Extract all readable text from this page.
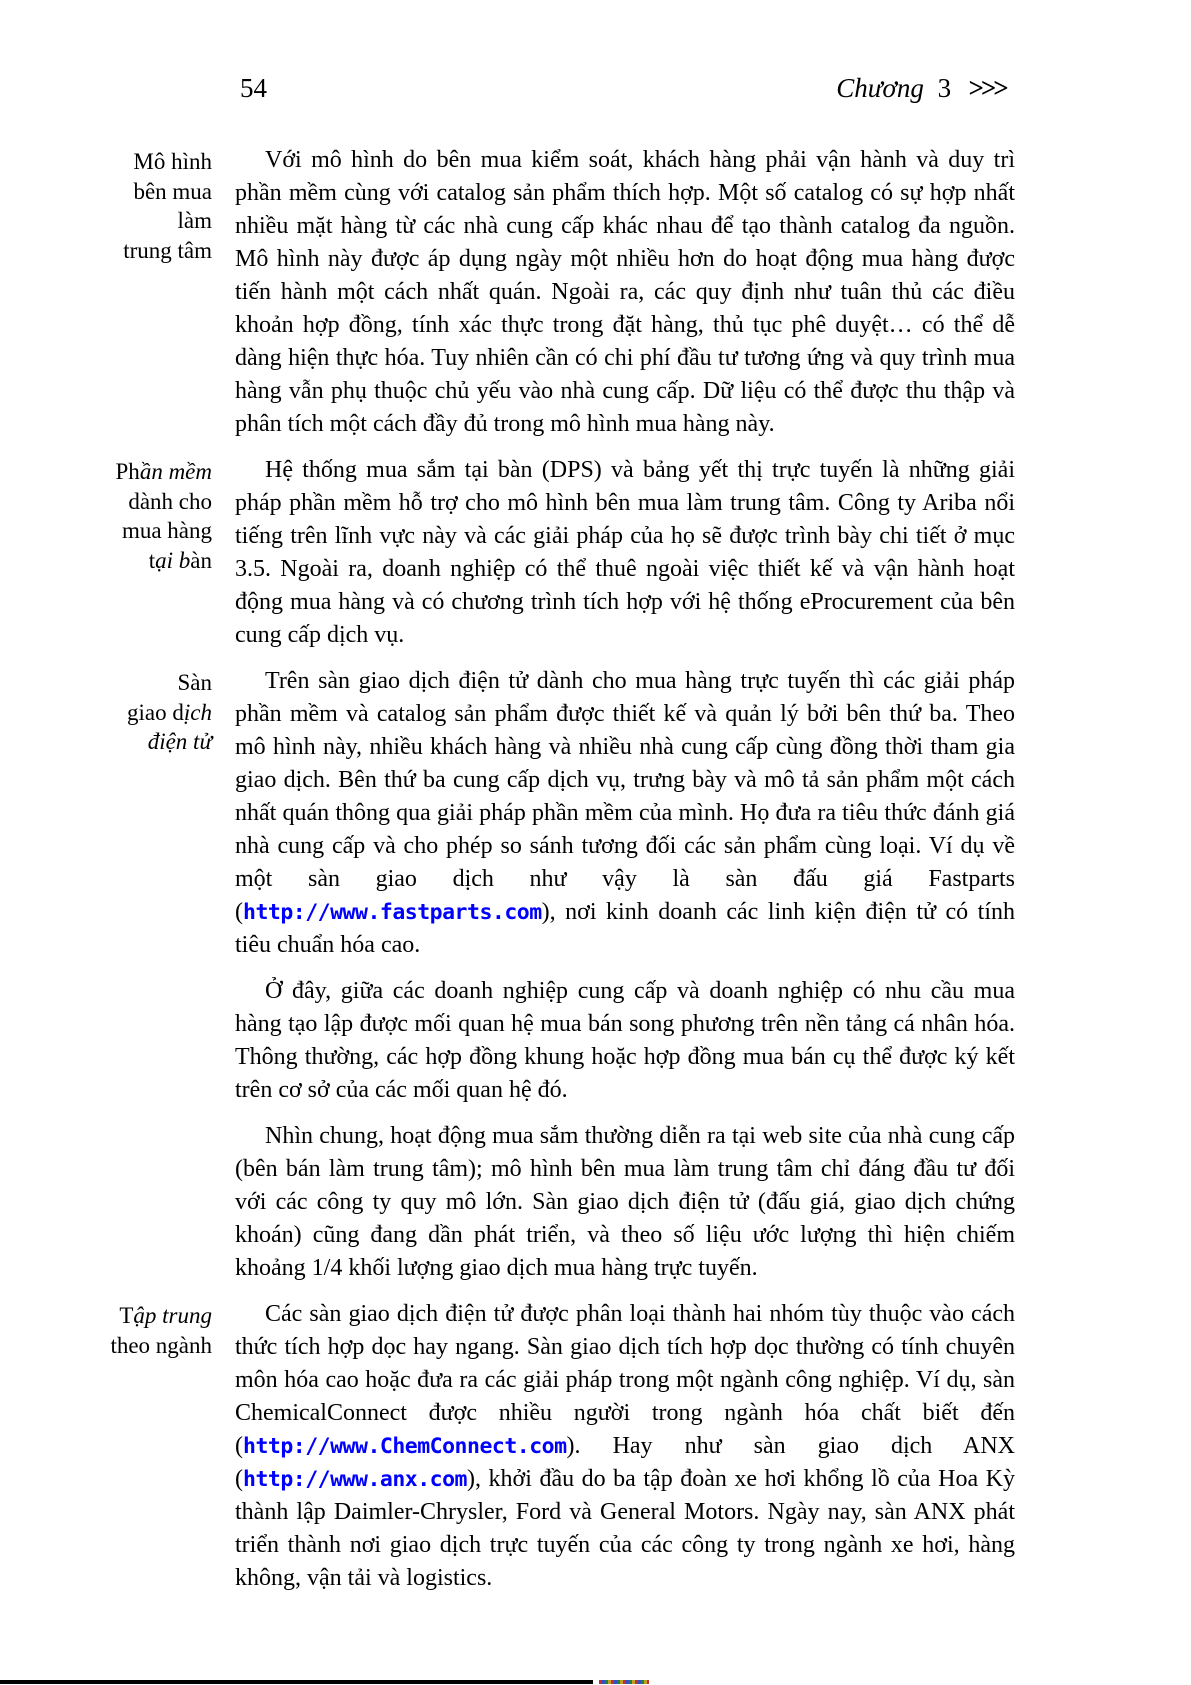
54	Chương 3 >>>
Mô hình
bên mua
làm
trung tâm

Với mô hình do bên mua kiểm soát, khách hàng phải vận hành và duy trì phần mềm cùng với catalog sản phẩm thích hợp. Một số catalog có sự hợp nhất nhiều mặt hàng từ các nhà cung cấp khác nhau để tạo thành catalog đa nguồn. Mô hình này được áp dụng ngày một nhiều hơn do hoạt động mua hàng được tiến hành một cách nhất quán. Ngoài ra, các quy định như tuân thủ các điều khoản hợp đồng, tính xác thực trong đặt hàng, thủ tục phê duyệt… có thể dễ dàng hiện thực hóa. Tuy nhiên cần có chi phí đầu tư tương ứng và quy trình mua hàng vẫn phụ thuộc chủ yếu vào nhà cung cấp. Dữ liệu có thể được thu thập và phân tích một cách đầy đủ trong mô hình mua hàng này.

Phần mềm
dành cho
mua hàng
tại bàn

Hệ thống mua sắm tại bàn (DPS) và bảng yết thị trực tuyến là những giải pháp phần mềm hỗ trợ cho mô hình bên mua làm trung tâm. Công ty Ariba nổi tiếng trên lĩnh vực này và các giải pháp của họ sẽ được trình bày chi tiết ở mục 3.5. Ngoài ra, doanh nghiệp có thể thuê ngoài việc thiết kế và vận hành hoạt động mua hàng và có chương trình tích hợp với hệ thống eProcurement của bên cung cấp dịch vụ.

Sàn
giao dịch
điện tử

Trên sàn giao dịch điện tử dành cho mua hàng trực tuyến thì các giải pháp phần mềm và catalog sản phẩm được thiết kế và quản lý bởi bên thứ ba. Theo mô hình này, nhiều khách hàng và nhiều nhà cung cấp cùng đồng thời tham gia giao dịch. Bên thứ ba cung cấp dịch vụ, trưng bày và mô tả sản phẩm một cách nhất quán thông qua giải pháp phần mềm của mình. Họ đưa ra tiêu thức đánh giá nhà cung cấp và cho phép so sánh tương đối các sản phẩm cùng loại. Ví dụ về một sàn giao dịch như vậy là sàn đấu giá Fastparts (http://www.fastparts.com), nơi kinh doanh các linh kiện điện tử có tính tiêu chuẩn hóa cao.

Ở đây, giữa các doanh nghiệp cung cấp và doanh nghiệp có nhu cầu mua hàng tạo lập được mối quan hệ mua bán song phương trên nền tảng cá nhân hóa. Thông thường, các hợp đồng khung hoặc hợp đồng mua bán cụ thể được ký kết trên cơ sở của các mối quan hệ đó.

Nhìn chung, hoạt động mua sắm thường diễn ra tại web site của nhà cung cấp (bên bán làm trung tâm); mô hình bên mua làm trung tâm chỉ đáng đầu tư đối với các công ty quy mô lớn. Sàn giao dịch điện tử (đấu giá, giao dịch chứng khoán) cũng đang dần phát triển, và theo số liệu ước lượng thì hiện chiếm khoảng 1/4 khối lượng giao dịch mua hàng trực tuyến.

Tập trung
theo ngành

Các sàn giao dịch điện tử được phân loại thành hai nhóm tùy thuộc vào cách thức tích hợp dọc hay ngang. Sàn giao dịch tích hợp dọc thường có tính chuyên môn hóa cao hoặc đưa ra các giải pháp trong một ngành công nghiệp. Ví dụ, sàn ChemicalConnect được nhiều người trong ngành hóa chất biết đến (http://www.ChemConnect.com). Hay như sàn giao dịch ANX (http://www.anx.com), khởi đầu do ba tập đoàn xe hơi khổng lồ của Hoa Kỳ thành lập Daimler-Chrysler, Ford và General Motors. Ngày nay, sàn ANX phát triển thành nơi giao dịch trực tuyến của các công ty trong ngành xe hơi, hàng không, vận tải và logistics.
